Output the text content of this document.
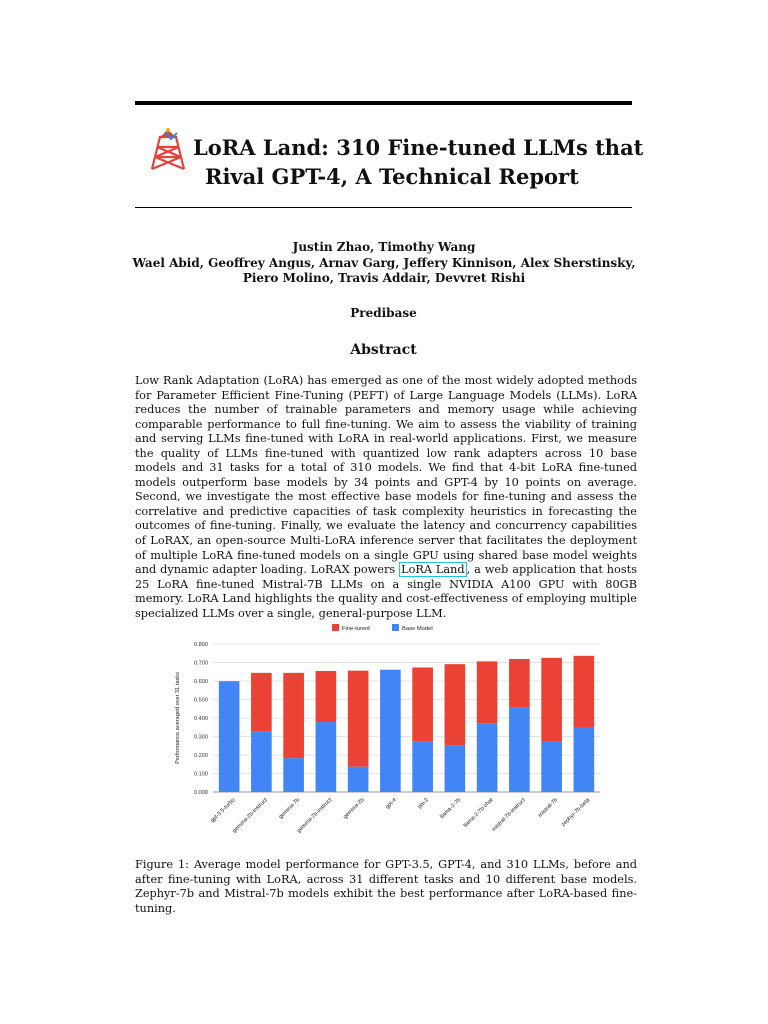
LoRA Land: 310 Fine-tuned LLMs that
Rival GPT-4, A Technical Report
Justin Zhao, Timothy Wang
Wael Abid, Geoffrey Angus, Arnav Garg, Jeffery Kinnison, Alex Sherstinsky,
Piero Molino, Travis Addair, Devvret Rishi
Predibase
Abstract
Low Rank Adaptation (LoRA) has emerged as one of the most widely adopted methods for Parameter Efficient Fine-Tuning (PEFT) of Large Language Models (LLMs). LoRA reduces the number of trainable parameters and memory usage while achieving comparable performance to full fine-tuning. We aim to assess the viability of training and serving LLMs fine-tuned with LoRA in real-world applications. First, we measure the quality of LLMs fine-tuned with quantized low rank adapters across 10 base models and 31 tasks for a total of 310 models. We find that 4-bit LoRA fine-tuned models outperform base models by 34 points and GPT-4 by 10 points on average. Second, we investigate the most effective base models for fine-tuning and assess the correlative and predictive capacities of task complexity heuristics in forecasting the outcomes of fine-tuning. Finally, we evaluate the latency and concurrency capabilities of LoRAX, an open-source Multi-LoRA inference server that facilitates the deployment of multiple LoRA fine-tuned models on a single GPU using shared base model weights and dynamic adapter loading. LoRAX powers LoRA Land , a web application that hosts 25 LoRA fine-tuned Mistral-7B LLMs on a single NVIDIA A100 GPU with 80GB memory. LoRA Land highlights the quality and cost-effectiveness of employing multiple specialized LLMs over a single, general-purpose LLM.
0.000
0.100
0.200
0.300
0.400
0.500
0.600
0.700
0.800
Performance averaged over 31 tasks
Fine-tuned	Base Model
gpt-3.5-turbo
gemma-2b-instruct gemma-7b
gemma-7b-instruct gemma-2b	gpt-4	phi-2 llama-2-7b llama-2-7b-chat
mistral-7b-instruct mistral-7b zephyr-7b-beta
Figure 1: Average model performance for GPT-3.5, GPT-4, and 310 LLMs, before and after fine-tuning with LoRA, across 31 different tasks and 10 different base models. Zephyr-7b and Mistral-7b models exhibit the best performance after LoRA-based fine-tuning.
